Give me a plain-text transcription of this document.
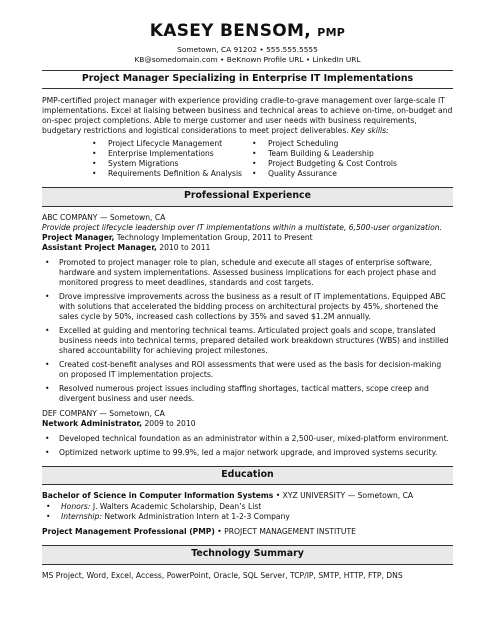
KASEY BENSOM, PMP
Sometown, CA 91202 • 555.555.5555
KB@somedomain.com • BeKnown Profile URL • LinkedIn URL
Project Manager Specializing in Enterprise IT Implementations
PMP-certified project manager with experience providing cradle-to-grave management over large-scale IT implementations. Excel at liaising between business and technical areas to achieve on-time, on-budget and on-spec project completions. Able to merge customer and user needs with business requirements, budgetary restrictions and logistical considerations to meet project deliverables. Key skills:
• Project Lifecycle Management
• Enterprise Implementations
• System Migrations
• Requirements Definition & Analysis
• Project Scheduling
• Team Building & Leadership
• Project Budgeting & Cost Controls
• Quality Assurance
Professional Experience
ABC COMPANY — Sometown, CA
Provide project lifecycle leadership over IT implementations within a multistate, 6,500-user organization.
Project Manager, Technology Implementation Group, 2011 to Present
Assistant Project Manager, 2010 to 2011
• Promoted to project manager role to plan, schedule and execute all stages of enterprise software, hardware and system implementations. Assessed business implications for each project phase and monitored progress to meet deadlines, standards and cost targets.
• Drove impressive improvements across the business as a result of IT implementations. Equipped ABC with solutions that accelerated the bidding process on architectural projects by 45%, shortened the sales cycle by 50%, increased cash collections by 35% and saved $1.2M annually.
• Excelled at guiding and mentoring technical teams. Articulated project goals and scope, translated business needs into technical terms, prepared detailed work breakdown structures (WBS) and instilled shared accountability for achieving project milestones.
• Created cost-benefit analyses and ROI assessments that were used as the basis for decision-making on proposed IT implementation projects.
• Resolved numerous project issues including staffing shortages, tactical matters, scope creep and divergent business and user needs.
DEF COMPANY — Sometown, CA
Network Administrator, 2009 to 2010
• Developed technical foundation as an administrator within a 2,500-user, mixed-platform environment.
• Optimized network uptime to 99.9%, led a major network upgrade, and improved systems security.
Education
Bachelor of Science in Computer Information Systems • XYZ UNIVERSITY — Sometown, CA
• Honors: J. Walters Academic Scholarship, Dean’s List
• Internship: Network Administration Intern at 1-2-3 Company
Project Management Professional (PMP) • PROJECT MANAGEMENT INSTITUTE
Technology Summary
MS Project, Word, Excel, Access, PowerPoint, Oracle, SQL Server, TCP/IP, SMTP, HTTP, FTP, DNS
